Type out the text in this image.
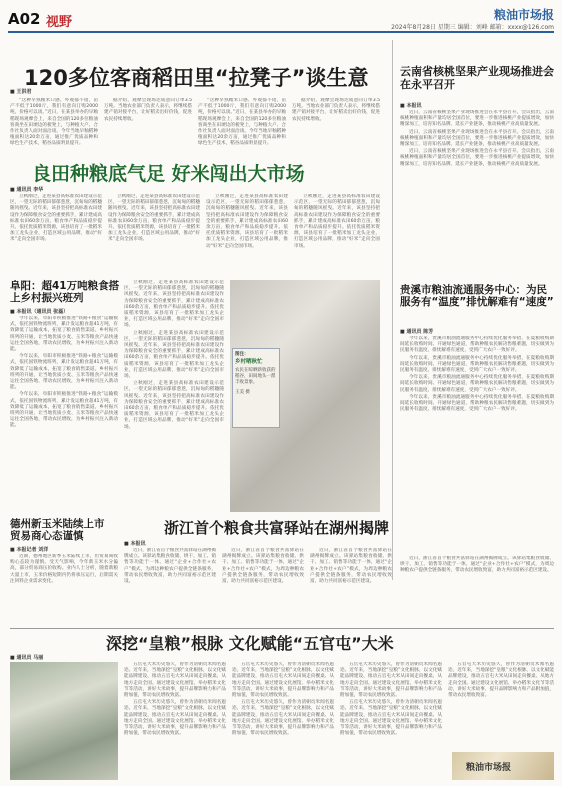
A02 视野	粮油市场报
2024年8月28日 星期三 编辑：刘峰 邮箱：xxxx@126.com
120多位客商稻田里“拉凳子”谈生意
■ 王洪君

“这种早熟籼米口感、外观都不错，亩产不低于1000斤，我们有意向订购2000吨，价格可以谈。”近日，在某县举办的早籼稻现场观摩会上，来自全国的120多位粮油客商坐在田埂边的板凳上，与种植大户、合作社负责人面对面洽谈。今年当地早籼稻种植面积达20余万亩，通过推广优质品种和绿色生产技术，稻谷品质明显提升。

据介绍，观摩会现场达成意向订单3.5万吨。当地农业部门负责人表示，将继续搭建产销对接平台，让好稻卖出好价钱，促进农民持续增收。

“这种早熟籼米口感、外观都不错，亩产不低于1000斤，我们有意向订购2000吨，价格可以谈。”近日，在某县举办的早籼稻现场观摩会上，来自全国的120多位粮油客商坐在田埂边的板凳上，与种植大户、合作社负责人面对面洽谈。今年当地早籼稻种植面积达20余万亩，通过推广优质品种和绿色生产技术，稻谷品质明显提升。

据介绍，观摩会现场达成意向订单3.5万吨。当地农业部门负责人表示，将继续搭建产销对接平台，让好稻卖出好价钱，促进农民持续增收。

良田种粮底气足 好米闯出大市场
■ 通讯员 李华

立秋刚过，走进某县高标准农田建设示范区，一望无际的稻田郁郁葱葱，沉甸甸的稻穗随风摇曳。近年来，该县坚持把高标准农田建设作为保障粮食安全的重要抓手，累计建成高标准农田60余万亩，粮食单产和品质稳步提升。依托优质稻米资源，该县培育了一批稻米加工龙头企业，打造区域公用品牌，推动“好米”走向全国市场。

立秋刚过，走进某县高标准农田建设示范区，一望无际的稻田郁郁葱葱，沉甸甸的稻穗随风摇曳。近年来，该县坚持把高标准农田建设作为保障粮食安全的重要抓手，累计建成高标准农田60余万亩，粮食单产和品质稳步提升。依托优质稻米资源，该县培育了一批稻米加工龙头企业，打造区域公用品牌，推动“好米”走向全国市场。

立秋刚过，走进某县高标准农田建设示范区，一望无际的稻田郁郁葱葱，沉甸甸的稻穗随风摇曳。近年来，该县坚持把高标准农田建设作为保障粮食安全的重要抓手，累计建成高标准农田60余万亩，粮食单产和品质稳步提升。依托优质稻米资源，该县培育了一批稻米加工龙头企业，打造区域公用品牌，推动“好米”走向全国市场。

立秋刚过，走进某县高标准农田建设示范区，一望无际的稻田郁郁葱葱，沉甸甸的稻穗随风摇曳。近年来，该县坚持把高标准农田建设作为保障粮食安全的重要抓手，累计建成高标准农田60余万亩，粮食单产和品质稳步提升。依托优质稻米资源，该县培育了一批稻米加工龙头企业，打造区域公用品牌，推动“好米”走向全国市场。

阜阳：超41万吨粮食搭上乡村振兴班列
■ 本报讯（通讯员 张磊）

今年以来，阜阳市积极推进“铁路+粮食”运输模式，依托国铁物流班列，累计发运粮食超41万吨，有效降低了运输成本，拓宽了粮食销售渠道。乡村振兴班列的开通，让当地优质小麦、玉米等粮食产品快速运往全国各地，带动农民增收，为乡村振兴注入新动能。

今年以来，阜阳市积极推进“铁路+粮食”运输模式，依托国铁物流班列，累计发运粮食超41万吨，有效降低了运输成本，拓宽了粮食销售渠道。乡村振兴班列的开通，让当地优质小麦、玉米等粮食产品快速运往全国各地，带动农民增收，为乡村振兴注入新动能。

今年以来，阜阳市积极推进“铁路+粮食”运输模式，依托国铁物流班列，累计发运粮食超41万吨，有效降低了运输成本，拓宽了粮食销售渠道。乡村振兴班列的开通，让当地优质小麦、玉米等粮食产品快速运往全国各地，带动农民增收，为乡村振兴注入新动能。

立秋刚过，走进某县高标准农田建设示范区，一望无际的稻田郁郁葱葱，沉甸甸的稻穗随风摇曳。近年来，该县坚持把高标准农田建设作为保障粮食安全的重要抓手，累计建成高标准农田60余万亩，粮食单产和品质稳步提升。依托优质稻米资源，该县培育了一批稻米加工龙头企业，打造区域公用品牌，推动“好米”走向全国市场。

立秋刚过，走进某县高标准农田建设示范区，一望无际的稻田郁郁葱葱，沉甸甸的稻穗随风摇曳。近年来，该县坚持把高标准农田建设作为保障粮食安全的重要抓手，累计建成高标准农田60余万亩，粮食单产和品质稳步提升。依托优质稻米资源，该县培育了一批稻米加工龙头企业，打造区域公用品牌，推动“好米”走向全国市场。

立秋刚过，走进某县高标准农田建设示范区，一望无际的稻田郁郁葱葱，沉甸甸的稻穗随风摇曳。近年来，该县坚持把高标准农田建设作为保障粮食安全的重要抓手，累计建成高标准农田60余万亩，粮食单产和品质稳步提升。依托优质稻米资源，该县培育了一批稻米加工龙头企业，打造区域公用品牌，推动“好米”走向全国市场。

图注：
乡村晒秋忙
农民在晾晒新收获的稻谷，田间地头一派丰收景象。
王美 摄
云南省核桃坚果产业现场推进会在永平召开
■ 本报讯

近日，云南省核桃坚果产业现场推进会在永平县召开。会议指出，云南核桃种植面积和产量均居全国首位，要进一步推进核桃产业提质增效，加快精深加工，培育知名品牌，延长产业链条，推动核桃产业高质量发展。

近日，云南省核桃坚果产业现场推进会在永平县召开。会议指出，云南核桃种植面积和产量均居全国首位，要进一步推进核桃产业提质增效，加快精深加工，培育知名品牌，延长产业链条，推动核桃产业高质量发展。

近日，云南省核桃坚果产业现场推进会在永平县召开。会议指出，云南核桃种植面积和产量均居全国首位，要进一步推进核桃产业提质增效，加快精深加工，培育知名品牌，延长产业链条，推动核桃产业高质量发展。

贵溪市粮油流通服务中心：为民服务有“温度”排忧解难有“速度”
■ 通讯员 陈芳

今年以来，贵溪市粮油流通服务中心持续优化服务举措，在夏粮收购期间延长收购时间、开通绿色通道，帮助种粮农民解决售粮难题，切实做到为民服务有温度、排忧解难有速度，受到广大农户一致好评。

今年以来，贵溪市粮油流通服务中心持续优化服务举措，在夏粮收购期间延长收购时间、开通绿色通道，帮助种粮农民解决售粮难题，切实做到为民服务有温度、排忧解难有速度，受到广大农户一致好评。

今年以来，贵溪市粮油流通服务中心持续优化服务举措，在夏粮收购期间延长收购时间、开通绿色通道，帮助种粮农民解决售粮难题，切实做到为民服务有温度、排忧解难有速度，受到广大农户一致好评。

今年以来，贵溪市粮油流通服务中心持续优化服务举措，在夏粮收购期间延长收购时间、开通绿色通道，帮助种粮农民解决售粮难题，切实做到为民服务有温度、排忧解难有速度，受到广大农户一致好评。

浙江首个粮食共富驿站在湖州揭牌
■ 本报讯

近日，浙江省首个粮食共富驿站在湖州揭牌成立。该驿站集粮食收储、烘干、加工、销售等功能于一体，通过“企业+合作社+农户”模式，为周边种粮农户提供全链条服务，带动农民增收致富，助力共同富裕示范区建设。

近日，浙江省首个粮食共富驿站在湖州揭牌成立。该驿站集粮食收储、烘干、加工、销售等功能于一体，通过“企业+合作社+农户”模式，为周边种粮农户提供全链条服务，带动农民增收致富，助力共同富裕示范区建设。

近日，浙江省首个粮食共富驿站在湖州揭牌成立。该驿站集粮食收储、烘干、加工、销售等功能于一体，通过“企业+合作社+农户”模式，为周边种粮农户提供全链条服务，带动农民增收致富，助力共同富裕示范区建设。

近日，浙江省首个粮食共富驿站在湖州揭牌成立。该驿站集粮食收储、烘干、加工、销售等功能于一体，通过“企业+合作社+农户”模式，为周边种粮农户提供全链条服务，带动农民增收致富，助力共同富裕示范区建设。

德州新玉米陆续上市 贸易商心态谨慎
■ 本报记者 刘洋

近期，德州地区新季玉米陆续上市，但贸易商收购心态较为谨慎。受天气影响，今年新玉米水分偏高，部分贸易商压价收购。业内人士分析，随着新粮大量上市，玉米价格短期内仍将承压运行，后期需关注饲料企业需求变化。

深挖“皇粮”根脉 文化赋能“五官屯”大米
■ 通讯员 马丽

五官屯大米历史悠久，曾作为清朝贡米闻名遐迩。近年来，当地深挖“皇粮”文化根脉，以文化赋能品牌建设，推动五官屯大米从田间走向餐桌、从地方走向全国。通过建设文化展馆、举办稻米文化节等活动，讲好大米故事，提升品牌影响力和产品附加值，带动农民增收致富。

五官屯大米历史悠久，曾作为清朝贡米闻名遐迩。近年来，当地深挖“皇粮”文化根脉，以文化赋能品牌建设，推动五官屯大米从田间走向餐桌、从地方走向全国。通过建设文化展馆、举办稻米文化节等活动，讲好大米故事，提升品牌影响力和产品附加值，带动农民增收致富。

五官屯大米历史悠久，曾作为清朝贡米闻名遐迩。近年来，当地深挖“皇粮”文化根脉，以文化赋能品牌建设，推动五官屯大米从田间走向餐桌、从地方走向全国。通过建设文化展馆、举办稻米文化节等活动，讲好大米故事，提升品牌影响力和产品附加值，带动农民增收致富。

五官屯大米历史悠久，曾作为清朝贡米闻名遐迩。近年来，当地深挖“皇粮”文化根脉，以文化赋能品牌建设，推动五官屯大米从田间走向餐桌、从地方走向全国。通过建设文化展馆、举办稻米文化节等活动，讲好大米故事，提升品牌影响力和产品附加值，带动农民增收致富。

五官屯大米历史悠久，曾作为清朝贡米闻名遐迩。近年来，当地深挖“皇粮”文化根脉，以文化赋能品牌建设，推动五官屯大米从田间走向餐桌、从地方走向全国。通过建设文化展馆、举办稻米文化节等活动，讲好大米故事，提升品牌影响力和产品附加值，带动农民增收致富。

五官屯大米历史悠久，曾作为清朝贡米闻名遐迩。近年来，当地深挖“皇粮”文化根脉，以文化赋能品牌建设，推动五官屯大米从田间走向餐桌、从地方走向全国。通过建设文化展馆、举办稻米文化节等活动，讲好大米故事，提升品牌影响力和产品附加值，带动农民增收致富。

五官屯大米历史悠久，曾作为清朝贡米闻名遐迩。近年来，当地深挖“皇粮”文化根脉，以文化赋能品牌建设，推动五官屯大米从田间走向餐桌、从地方走向全国。通过建设文化展馆、举办稻米文化节等活动，讲好大米故事，提升品牌影响力和产品附加值，带动农民增收致富。

粮油市场报
